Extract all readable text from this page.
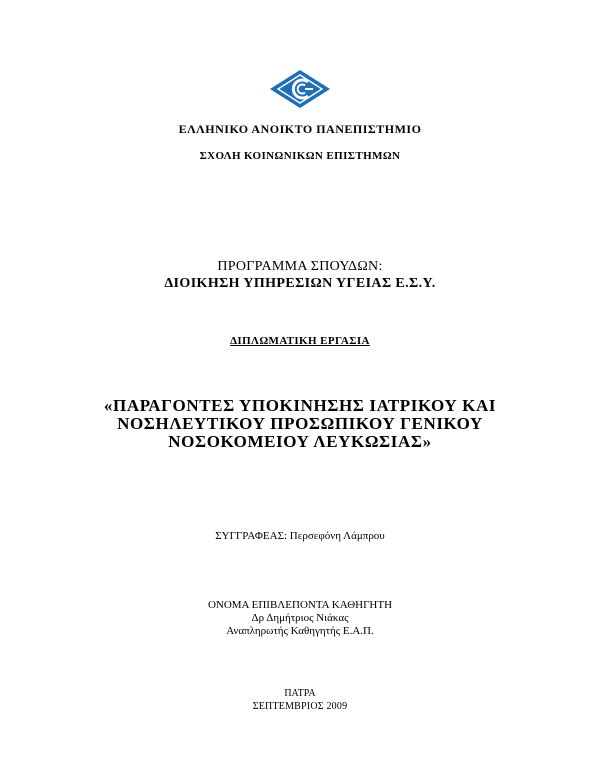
ΕΛΛΗΝΙΚΟ ΑΝΟΙΚΤΟ ΠΑΝΕΠΙΣΤΗΜΙΟ
ΣΧΟΛΗ ΚΟΙΝΩΝΙΚΩΝ ΕΠΙΣΤΗΜΩΝ
ΠΡΟΓΡΑΜΜΑ ΣΠΟΥΔΩΝ:
ΔΙΟΙΚΗΣΗ ΥΠΗΡΕΣΙΩΝ ΥΓΕΙΑΣ Ε.Σ.Υ.
ΔΙΠΛΩΜΑΤΙΚΗ ΕΡΓΑΣΙΑ
«ΠΑΡΑΓΟΝΤΕΣ ΥΠΟΚΙΝΗΣΗΣ ΙΑΤΡΙΚΟΥ ΚΑΙ
ΝΟΣΗΛΕΥΤΙΚΟΥ ΠΡΟΣΩΠΙΚΟΥ ΓΕΝΙΚΟΥ
ΝΟΣΟΚΟΜΕΙΟΥ ΛΕΥΚΩΣΙΑΣ»
ΣΥΓΓΡΑΦΕΑΣ: Περσεφόνη Λάμπρου
ΟΝΟΜΑ ΕΠΙΒΛΕΠΟΝΤΑ ΚΑΘΗΓΗΤΗ
Δρ Δημήτριος Νιάκας
Αναπληρωτής Καθηγητής Ε.Α.Π.
ΠΑΤΡΑ
ΣΕΠΤΕΜΒΡΙΟΣ 2009
